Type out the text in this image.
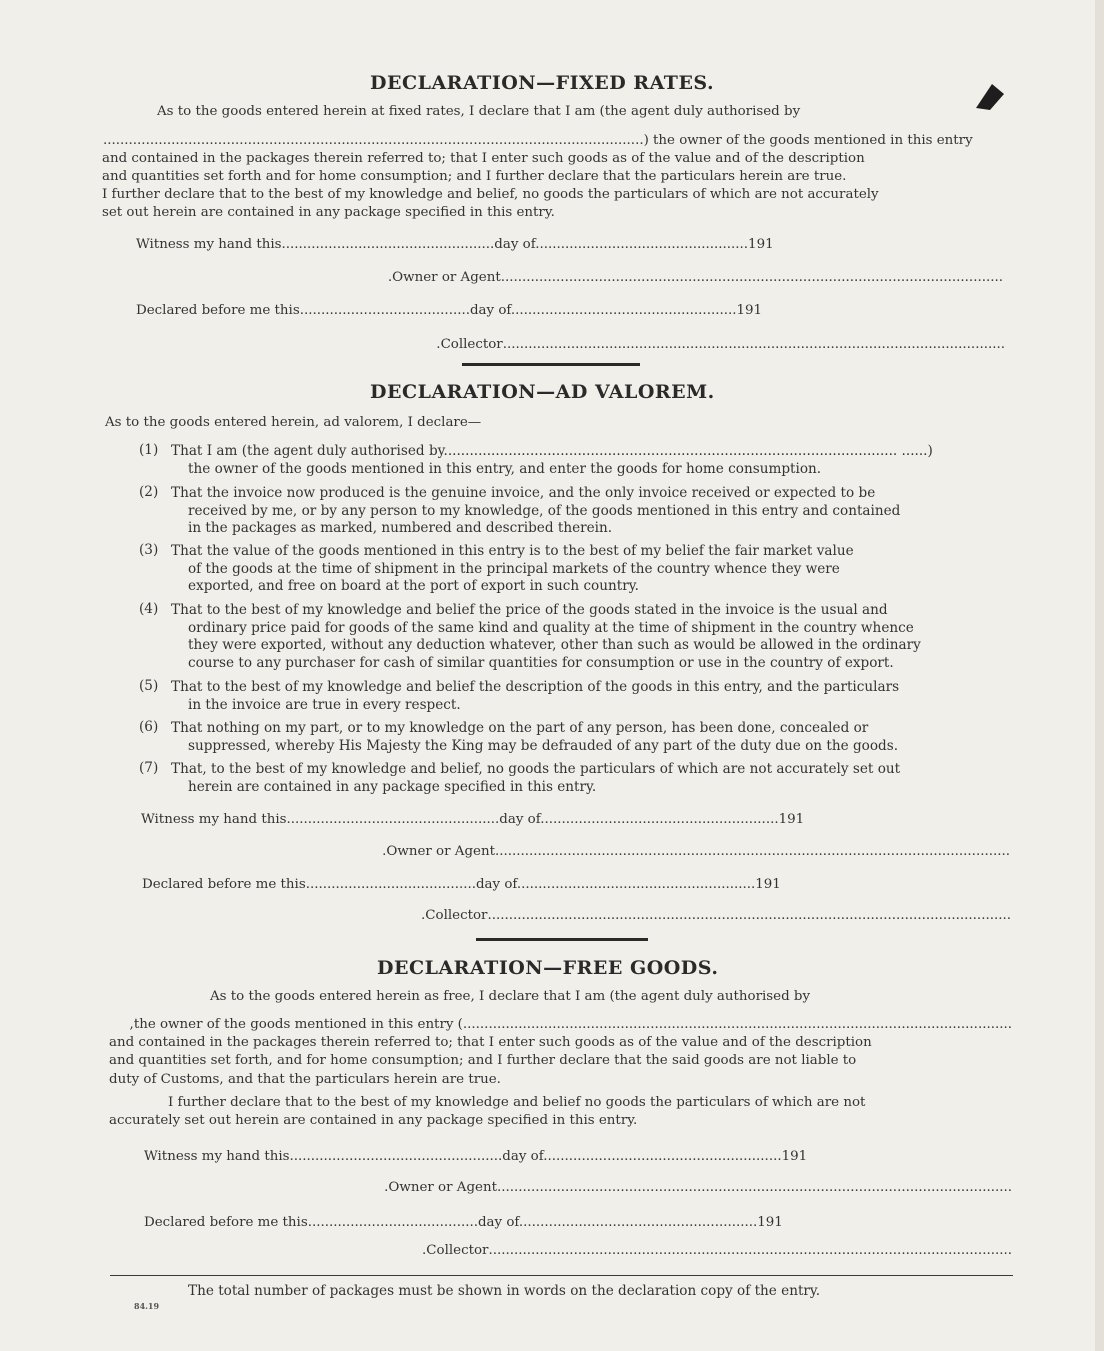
DECLARATION—FIXED RATES.
As to the goods entered herein at fixed rates, I declare that I am (the agent duly authorised by
...............................................................................................................................) the owner of the goods mentioned in this entry
and contained in the packages therein referred to; that I enter such goods as of the value and of the description
and quantities set forth and for home consumption; and I further declare that the particulars herein are true.
I further declare that to the best of my knowledge and belief, no goods the particulars of which are not accurately
set out herein are contained in any package specified in this entry.
Witness my hand this..................................................day of..................................................191
......................................................................................................................Owner or Agent.
Declared before me this........................................day of.....................................................191
......................................................................................................................Collector.
DECLARATION—AD VALOREM.
As to the goods entered herein, ad valorem, I declare—
(1) That I am (the agent duly authorised by......................................................................................................... ......)
the owner of the goods mentioned in this entry, and enter the goods for home consumption.
(2) That the invoice now produced is the genuine invoice, and the only invoice received or expected to be
received by me, or by any person to my knowledge, of the goods mentioned in this entry and contained
in the packages as marked, numbered and described therein.
(3) That the value of the goods mentioned in this entry is to the best of my belief the fair market value
of the goods at the time of shipment in the principal markets of the country whence they were
exported, and free on board at the port of export in such country.
(4) That to the best of my knowledge and belief the price of the goods stated in the invoice is the usual and
ordinary price paid for goods of the same kind and quality at the time of shipment in the country whence
they were exported, without any deduction whatever, other than such as would be allowed in the ordinary
course to any purchaser for cash of similar quantities for consumption or use in the country of export.
(5) That to the best of my knowledge and belief the description of the goods in this entry, and the particulars
in the invoice are true in every respect.
(6) That nothing on my part, or to my knowledge on the part of any person, has been done, concealed or
suppressed, whereby His Majesty the King may be defrauded of any part of the duty due on the goods.
(7) That, to the best of my knowledge and belief, no goods the particulars of which are not accurately set out
herein are contained in any package specified in this entry.
Witness my hand this..................................................day of........................................................191
.........................................................................................................................Owner or Agent.
Declared before me this........................................day of........................................................191
...........................................................................................................................Collector.
DECLARATION—FREE GOODS.
As to the goods entered herein as free, I declare that I am (the agent duly authorised by
.................................................................................................................................) the owner of the goods mentioned in this entry,
and contained in the packages therein referred to; that I enter such goods as of the value and of the description
and quantities set forth, and for home consumption; and I further declare that the said goods are not liable to
duty of Customs, and that the particulars herein are true.
I further declare that to the best of my knowledge and belief no goods the particulars of which are not
accurately set out herein are contained in any package specified in this entry.
Witness my hand this..................................................day of........................................................191
.........................................................................................................................Owner or Agent.
Declared before me this........................................day of........................................................191
...........................................................................................................................Collector.
The total number of packages must be shown in words on the declaration copy of the entry.
84.19
